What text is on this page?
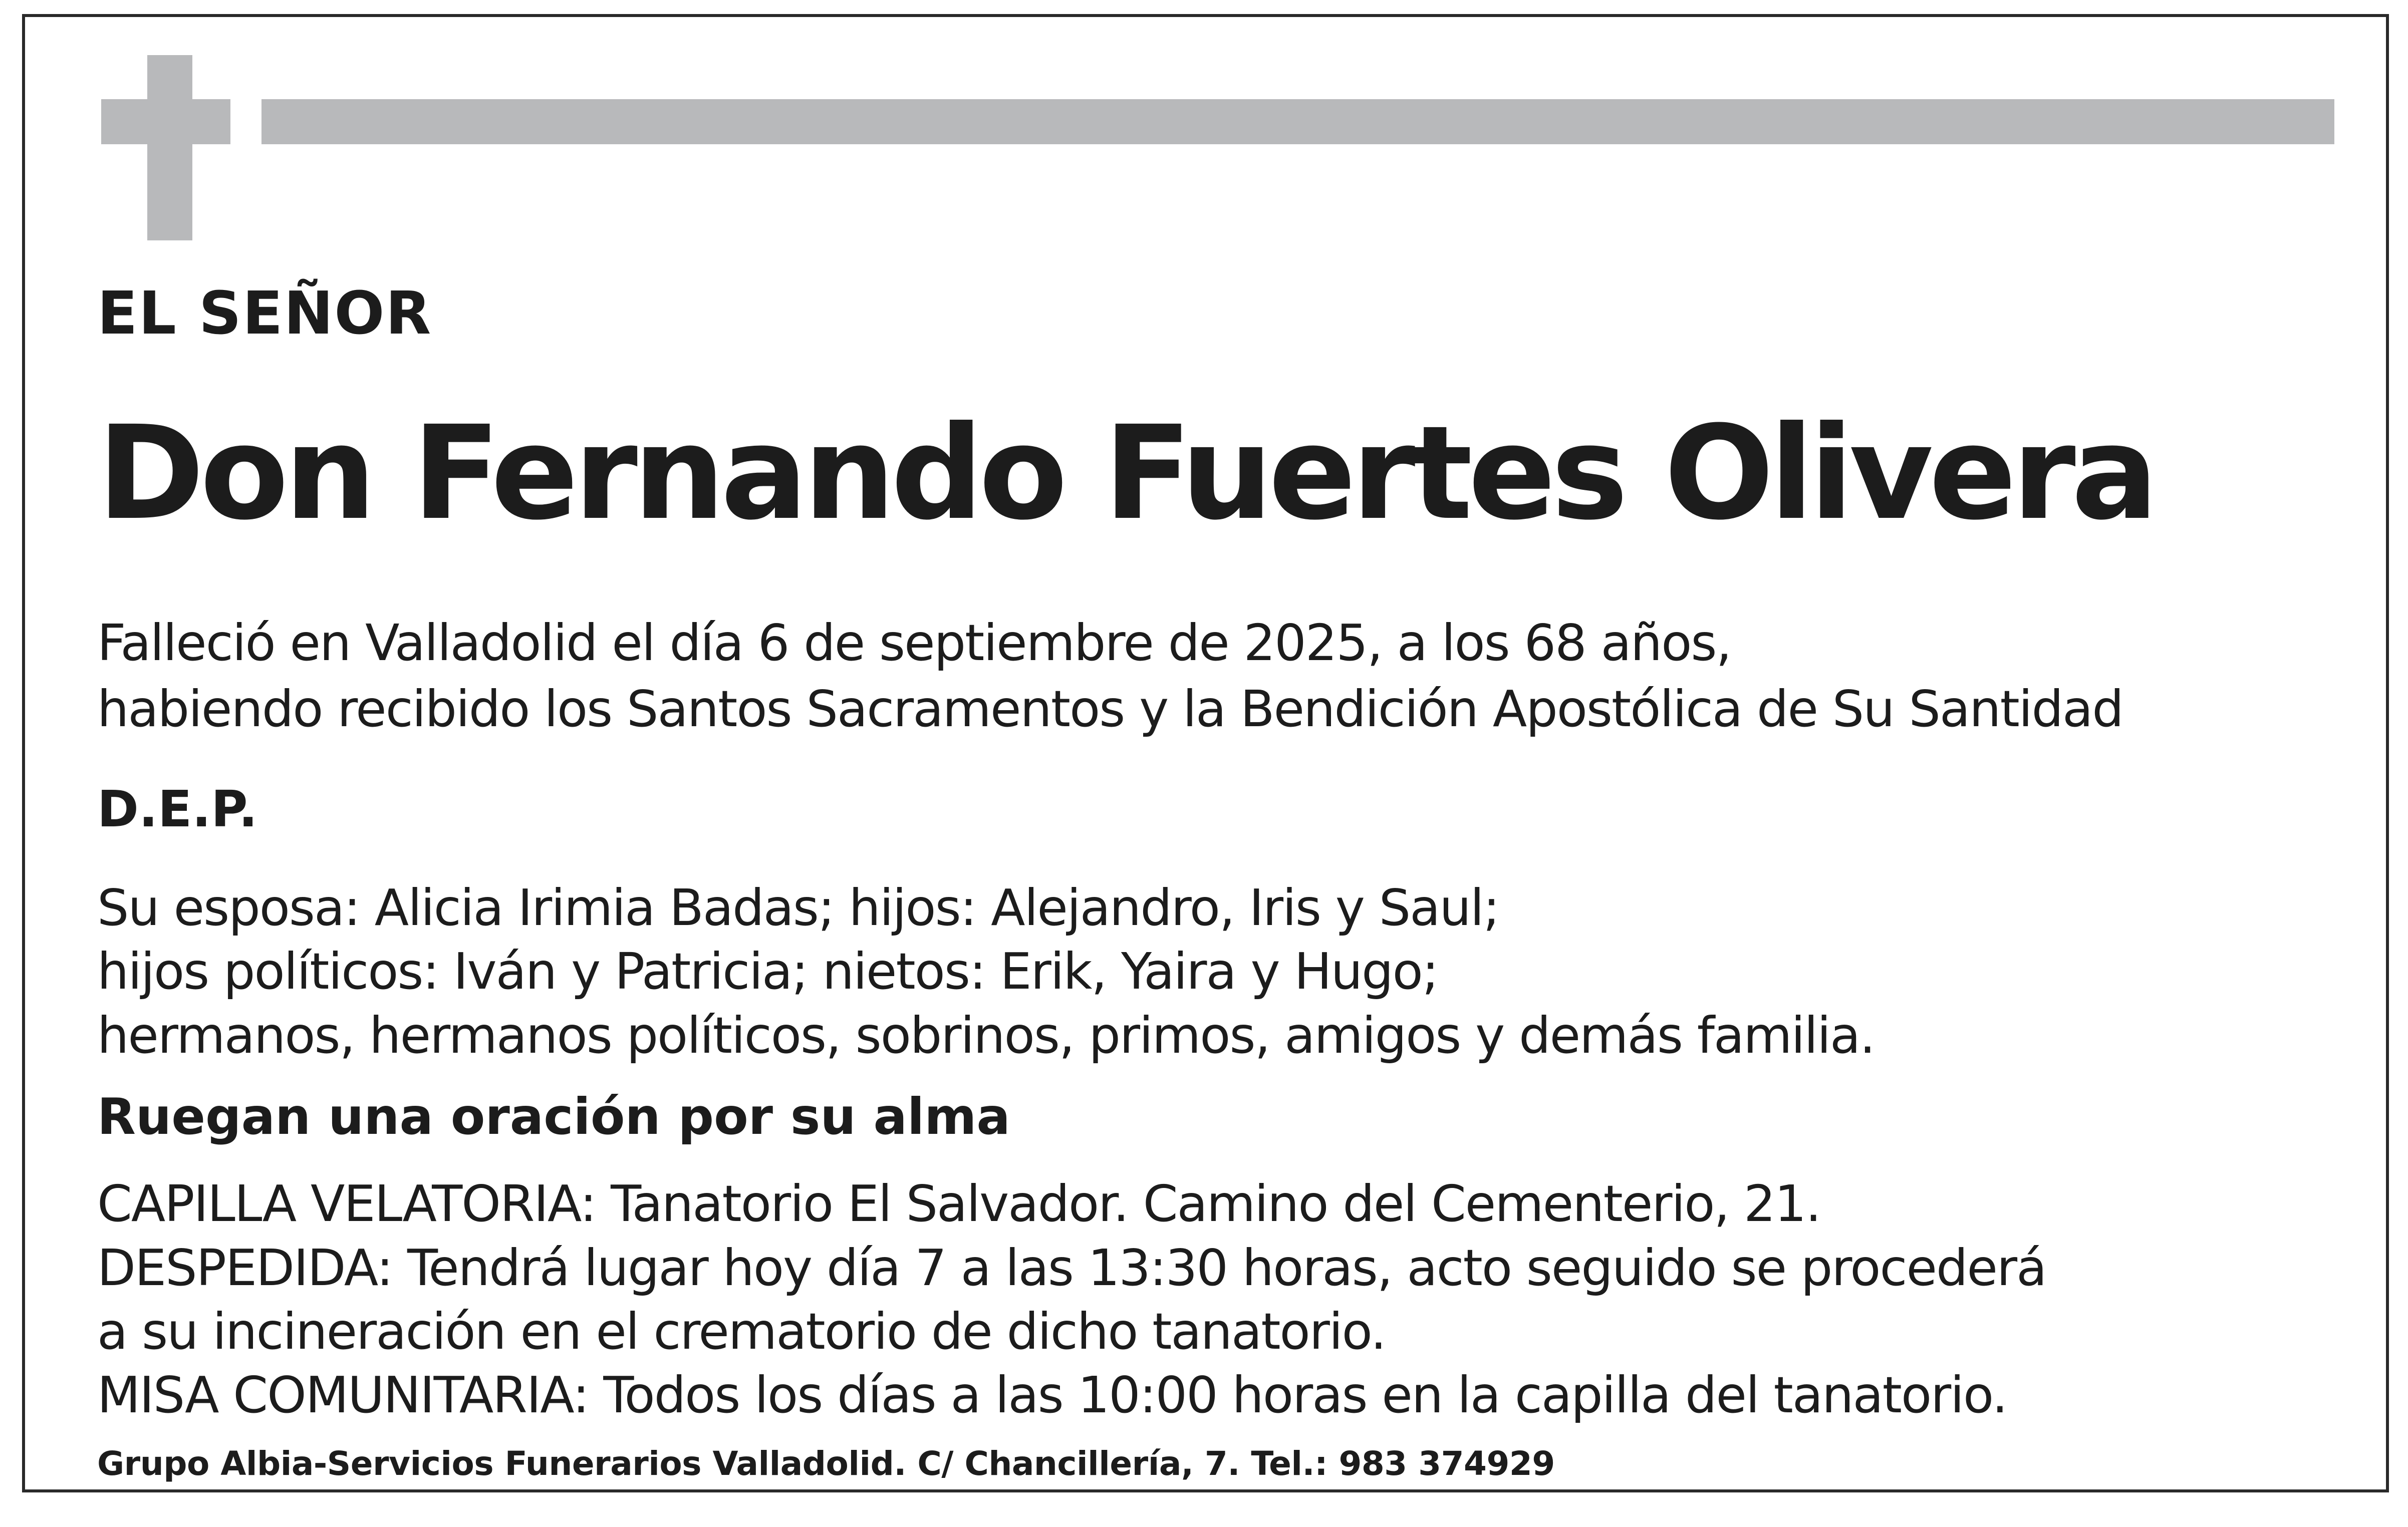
EL SEÑOR

Don Fernando Fuertes Olivera

Falleció en Valladolid el día 6 de septiembre de 2025, a los 68 años,

habiendo recibido los Santos Sacramentos y la Bendición Apostólica de Su Santidad

D.E.P.

Su esposa: Alicia Irimia Badas; hijos: Alejandro, Iris y Saul;

hijos políticos: Iván y Patricia; nietos: Erik, Yaira y Hugo;

hermanos, hermanos políticos, sobrinos, primos, amigos y demás familia.

Ruegan una oración por su alma

CAPILLA VELATORIA: Tanatorio El Salvador. Camino del Cementerio, 21.

DESPEDIDA: Tendrá lugar hoy día 7 a las 13:30 horas, acto seguido se procederá

a su incineración en el crematorio de dicho tanatorio.

MISA COMUNITARIA: Todos los días a las 10:00 horas en la capilla del tanatorio.

Grupo Albia-Servicios Funerarios Valladolid. C/ Chancillería, 7. Tel.: 983 374929
